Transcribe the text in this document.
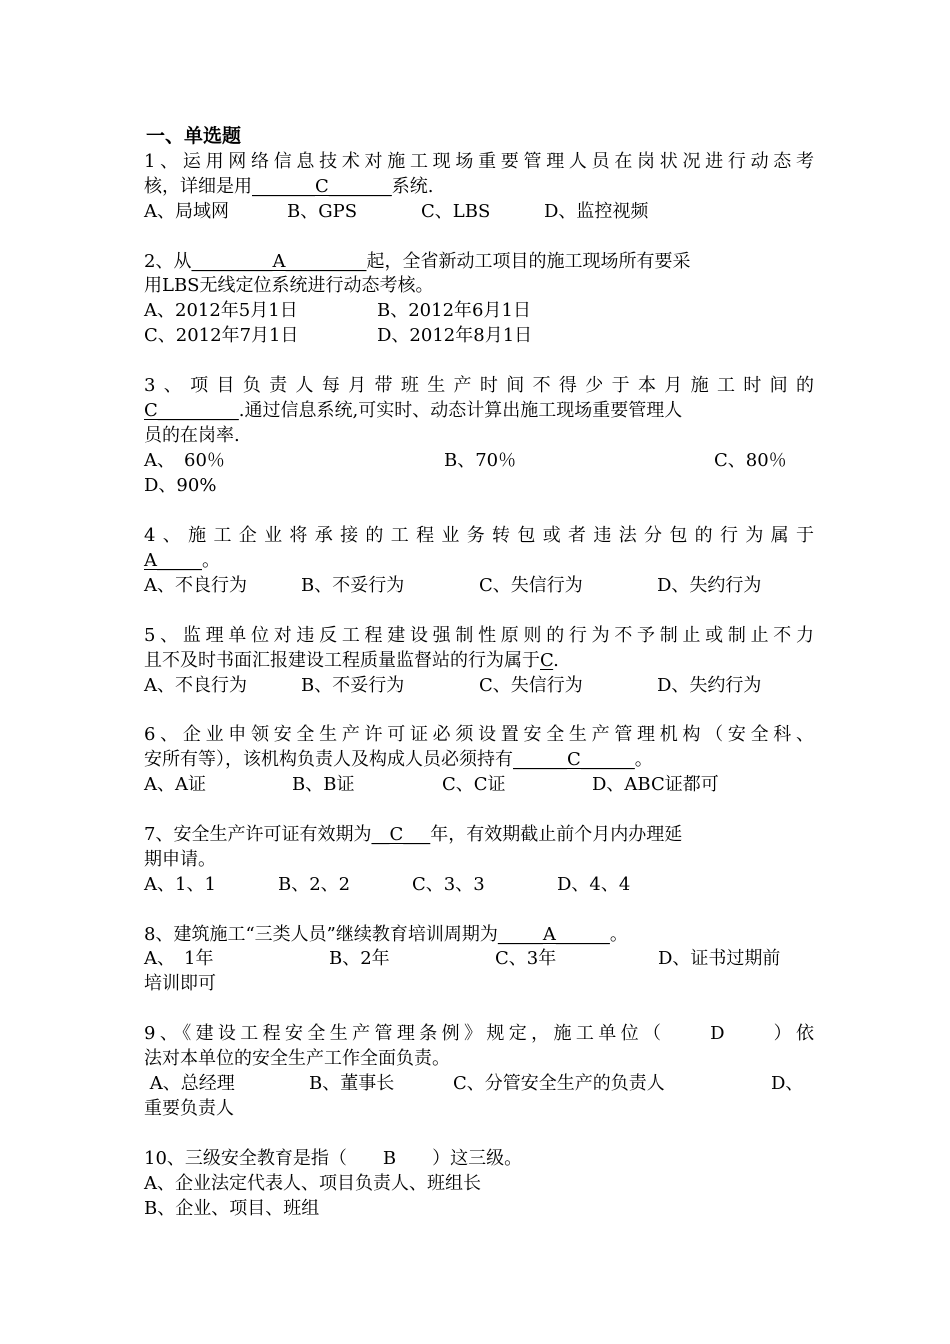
一、单选题
1、运用网络信息技术对施工现场重要管理人员在岗状况进行动态考
核，详细是用_______C_______系统.
A、局域网	B、GPS	C、LBS	D、监控视频
2、从_________A_________起，全省新动工项目的施工现场所有要采
用LBS无线定位系统进行动态考核。
A、2012年5月1日	B、2012年6月1日
C、2012年7月1日	D、2012年8月1日
3、项目负责人每月带班生产时间不得少于本月施工时间的
C_________.通过信息系统,可实时、动态计算出施工现场重要管理人
员的在岗率.
A、　60％	B、70％	C、80％
D、90%
4、施工企业将承接的工程业务转包或者违法分包的行为属于
A_____。
A、不良行为	B、不妥行为	C、失信行为	D、失约行为
5、监理单位对违反工程建设强制性原则的行为不予制止或制止不力
且不及时书面汇报建设工程质量监督站的行为属于C.
A、不良行为	B、不妥行为	C、失信行为	D、失约行为
6、企业申领安全生产许可证必须设置安全生产管理机构（安全科、
安所有等），该机构负责人及构成人员必须持有______C______。
A、A证	B、B证	C、C证	D、ABC证都可
7、安全生产许可证有效期为__C___年，有效期截止前个月内办理延
期申请。
A、1、1	B、2、2	C、3、3	D、4、4
8、建筑施工“三类人员”继续教育培训周期为_____A______。
A、　1年	B、2年	C、3年	D、证书过期前
培训即可
9、《建设工程安全生产管理条例》规定，施工单位（　　D　　）依
法对本单位的安全生产工作全面负责。
A、总经理	B、董事长	C、分管安全生产的负责人	D、
重要负责人
10、三级安全教育是指（　　B　　）这三级。
A、企业法定代表人、项目负责人、班组长
B、企业、项目、班组
